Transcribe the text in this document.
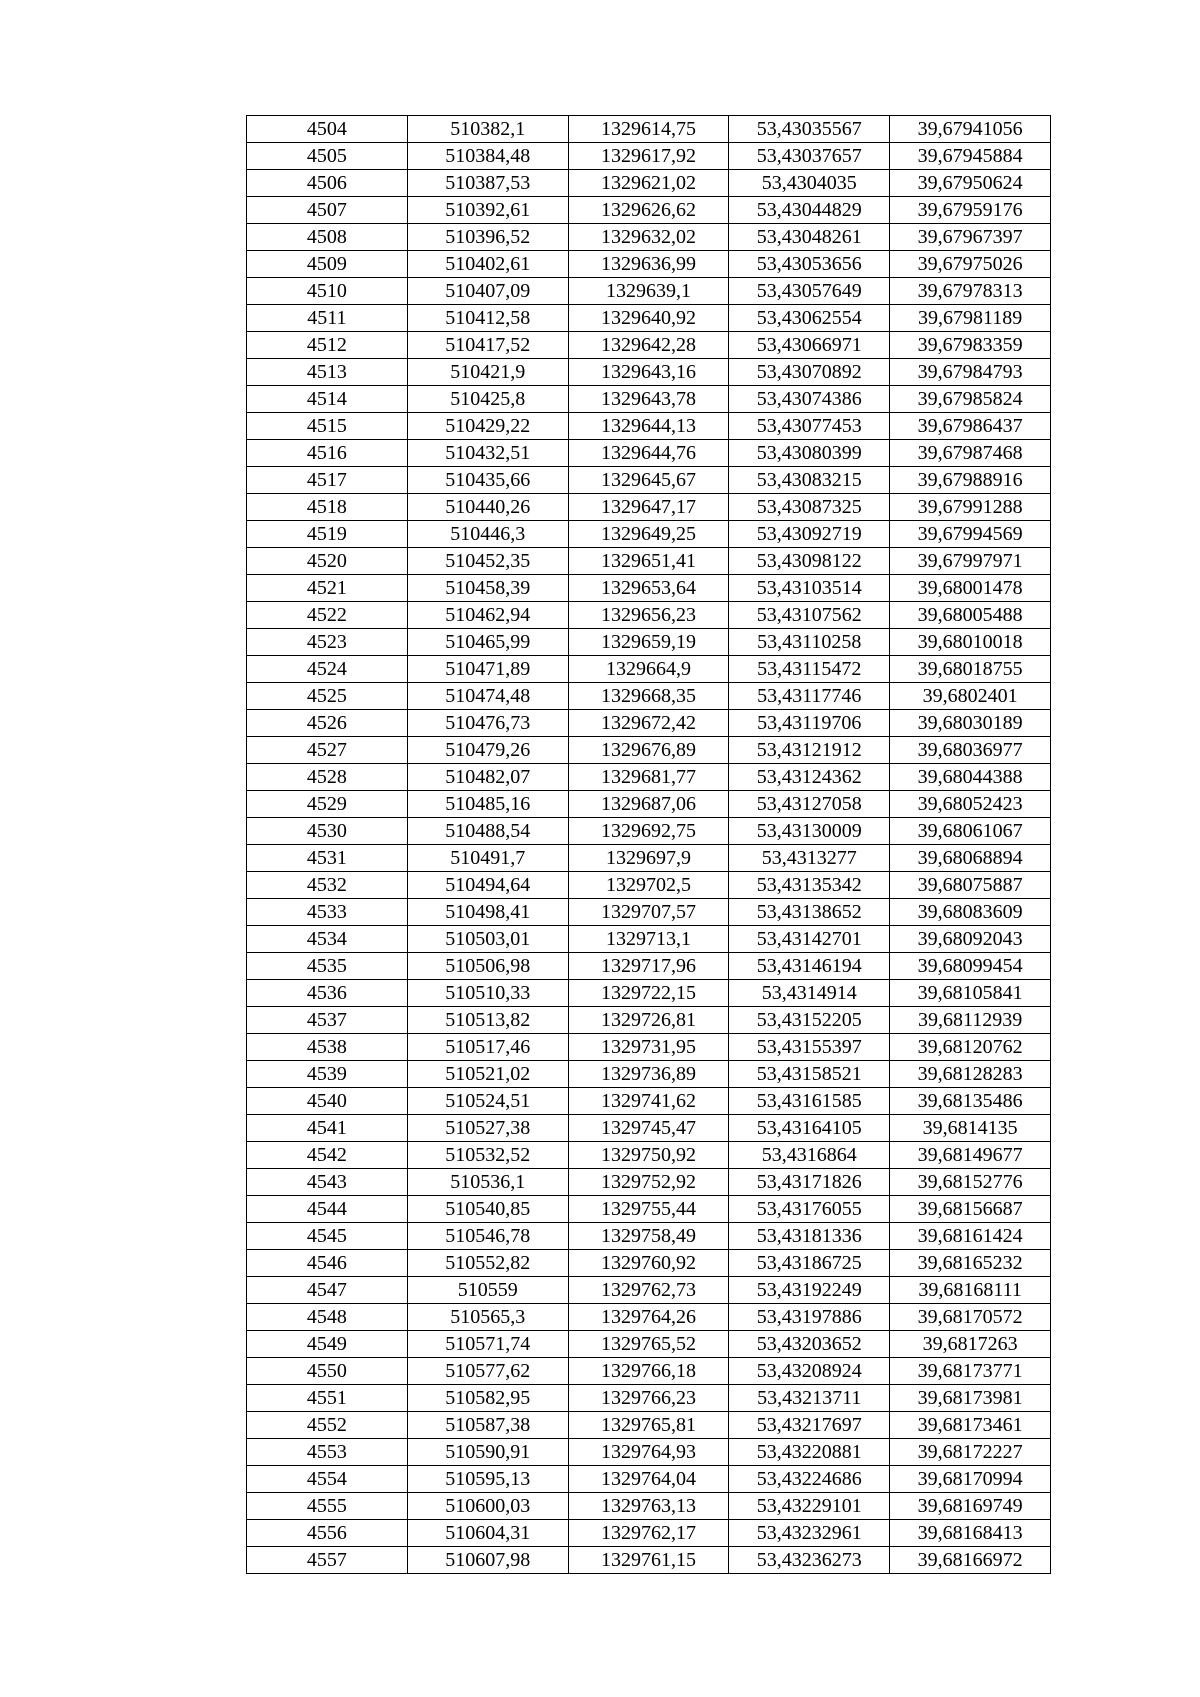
4504	510382,1	1329614,75	53,43035567	39,67941056
4505	510384,48	1329617,92	53,43037657	39,67945884
4506	510387,53	1329621,02	53,4304035	39,67950624
4507	510392,61	1329626,62	53,43044829	39,67959176
4508	510396,52	1329632,02	53,43048261	39,67967397
4509	510402,61	1329636,99	53,43053656	39,67975026
4510	510407,09	1329639,1	53,43057649	39,67978313
4511	510412,58	1329640,92	53,43062554	39,67981189
4512	510417,52	1329642,28	53,43066971	39,67983359
4513	510421,9	1329643,16	53,43070892	39,67984793
4514	510425,8	1329643,78	53,43074386	39,67985824
4515	510429,22	1329644,13	53,43077453	39,67986437
4516	510432,51	1329644,76	53,43080399	39,67987468
4517	510435,66	1329645,67	53,43083215	39,67988916
4518	510440,26	1329647,17	53,43087325	39,67991288
4519	510446,3	1329649,25	53,43092719	39,67994569
4520	510452,35	1329651,41	53,43098122	39,67997971
4521	510458,39	1329653,64	53,43103514	39,68001478
4522	510462,94	1329656,23	53,43107562	39,68005488
4523	510465,99	1329659,19	53,43110258	39,68010018
4524	510471,89	1329664,9	53,43115472	39,68018755
4525	510474,48	1329668,35	53,43117746	39,6802401
4526	510476,73	1329672,42	53,43119706	39,68030189
4527	510479,26	1329676,89	53,43121912	39,68036977
4528	510482,07	1329681,77	53,43124362	39,68044388
4529	510485,16	1329687,06	53,43127058	39,68052423
4530	510488,54	1329692,75	53,43130009	39,68061067
4531	510491,7	1329697,9	53,4313277	39,68068894
4532	510494,64	1329702,5	53,43135342	39,68075887
4533	510498,41	1329707,57	53,43138652	39,68083609
4534	510503,01	1329713,1	53,43142701	39,68092043
4535	510506,98	1329717,96	53,43146194	39,68099454
4536	510510,33	1329722,15	53,4314914	39,68105841
4537	510513,82	1329726,81	53,43152205	39,68112939
4538	510517,46	1329731,95	53,43155397	39,68120762
4539	510521,02	1329736,89	53,43158521	39,68128283
4540	510524,51	1329741,62	53,43161585	39,68135486
4541	510527,38	1329745,47	53,43164105	39,6814135
4542	510532,52	1329750,92	53,4316864	39,68149677
4543	510536,1	1329752,92	53,43171826	39,68152776
4544	510540,85	1329755,44	53,43176055	39,68156687
4545	510546,78	1329758,49	53,43181336	39,68161424
4546	510552,82	1329760,92	53,43186725	39,68165232
4547	510559	1329762,73	53,43192249	39,68168111
4548	510565,3	1329764,26	53,43197886	39,68170572
4549	510571,74	1329765,52	53,43203652	39,6817263
4550	510577,62	1329766,18	53,43208924	39,68173771
4551	510582,95	1329766,23	53,43213711	39,68173981
4552	510587,38	1329765,81	53,43217697	39,68173461
4553	510590,91	1329764,93	53,43220881	39,68172227
4554	510595,13	1329764,04	53,43224686	39,68170994
4555	510600,03	1329763,13	53,43229101	39,68169749
4556	510604,31	1329762,17	53,43232961	39,68168413
4557	510607,98	1329761,15	53,43236273	39,68166972
